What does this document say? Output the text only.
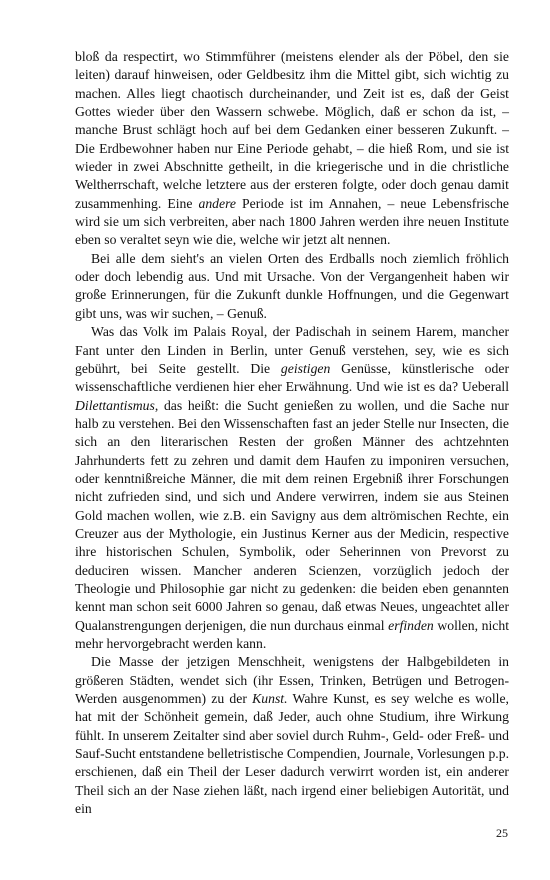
bloß da respectirt, wo Stimmführer (meistens elender als der Pöbel, den sie leiten) darauf hinweisen, oder Geldbesitz ihm die Mittel gibt, sich wichtig zu machen. Alles liegt chaotisch durcheinander, und Zeit ist es, daß der Geist Gottes wieder über den Wassern schwebe. Möglich, daß er schon da ist, – manche Brust schlägt hoch auf bei dem Gedanken einer besseren Zukunft. – Die Erdbewohner haben nur Eine Periode gehabt, – die hieß Rom, und sie ist wieder in zwei Abschnitte getheilt, in die kriegerische und in die christliche Weltherrschaft, welche letztere aus der ersteren folgte, oder doch genau damit zusammenhing. Eine andere Periode ist im Annahen, – neue Lebensfrische wird sie um sich verbreiten, aber nach 1800 Jahren werden ihre neuen Institute eben so veraltet seyn wie die, welche wir jetzt alt nennen.

Bei alle dem sieht's an vielen Orten des Erdballs noch ziemlich fröhlich oder doch lebendig aus. Und mit Ursache. Von der Vergangenheit haben wir große Erinnerungen, für die Zukunft dunkle Hoffnungen, und die Gegenwart gibt uns, was wir suchen, – Genuß.

Was das Volk im Palais Royal, der Padischah in seinem Harem, mancher Fant unter den Linden in Berlin, unter Genuß verstehen, sey, wie es sich gebührt, bei Seite gestellt. Die geistigen Genüsse, künstlerische oder wissenschaftliche verdienen hier eher Erwähnung. Und wie ist es da? Ueberall Dilettantismus, das heißt: die Sucht genießen zu wollen, und die Sache nur halb zu verstehen. Bei den Wissenschaften fast an jeder Stelle nur Insecten, die sich an den literarischen Resten der großen Männer des achtzehnten Jahrhunderts fett zu zehren und damit dem Haufen zu imponiren versuchen, oder kenntnißreiche Männer, die mit dem reinen Ergebniß ihrer Forschungen nicht zufrieden sind, und sich und Andere verwirren, indem sie aus Steinen Gold machen wollen, wie z.B. ein Savigny aus dem altrömischen Rechte, ein Creuzer aus der Mythologie, ein Justinus Kerner aus der Medicin, respective ihre historischen Schulen, Symbolik, oder Seherinnen von Prevorst zu deduciren wissen. Mancher anderen Scienzen, vorzüglich jedoch der Theologie und Philosophie gar nicht zu gedenken: die beiden eben genannten kennt man schon seit 6000 Jahren so genau, daß etwas Neues, ungeachtet aller Qualanstrengungen derjenigen, die nun durchaus einmal erfinden wollen, nicht mehr hervorgebracht werden kann.

Die Masse der jetzigen Menschheit, wenigstens der Halbgebildeten in größeren Städten, wendet sich (ihr Essen, Trinken, Betrügen und Betrogen-Werden ausgenommen) zu der Kunst. Wahre Kunst, es sey welche es wolle, hat mit der Schönheit gemein, daß Jeder, auch ohne Studium, ihre Wirkung fühlt. In unserem Zeitalter sind aber soviel durch Ruhm-, Geld- oder Freß- und Sauf-Sucht entstandene belletristische Compendien, Journale, Vorlesungen p.p. erschienen, daß ein Theil der Leser dadurch verwirrt worden ist, ein anderer Theil sich an der Nase ziehen läßt, nach irgend einer beliebigen Autorität, und ein

25
